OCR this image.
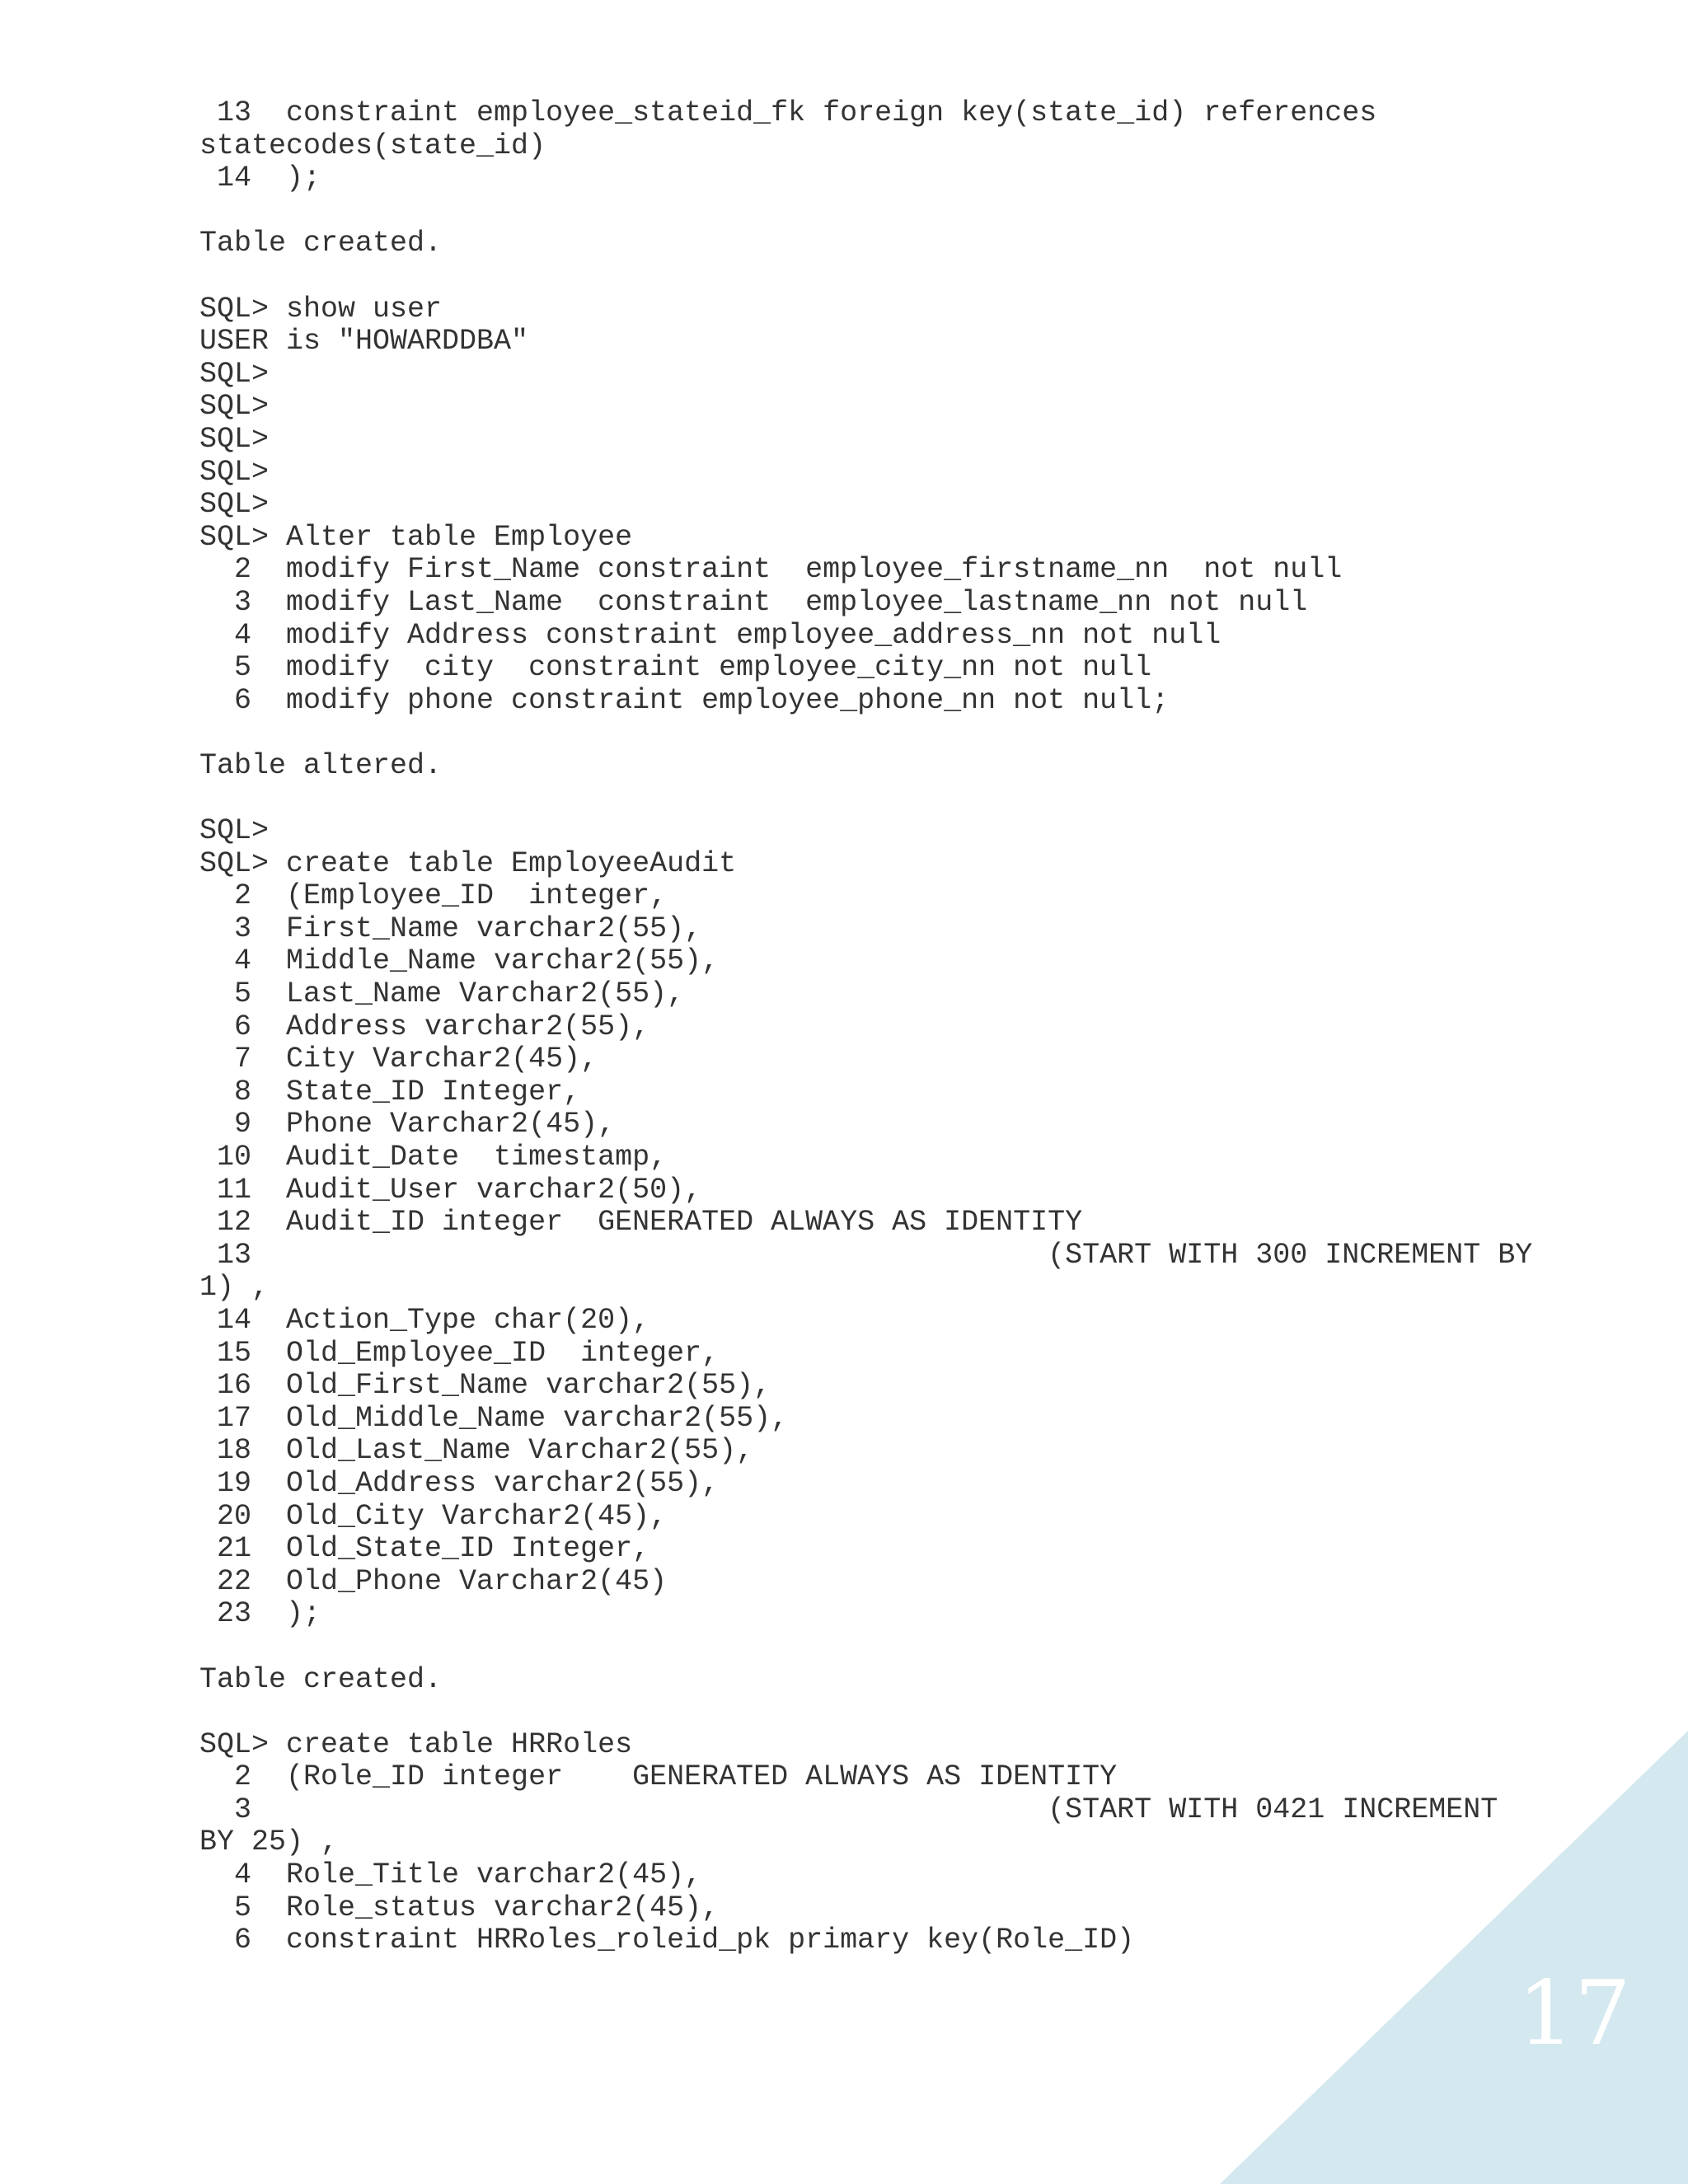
17
13  constraint employee_stateid_fk foreign key(state_id) references
statecodes(state_id)
14  );
Table created.
SQL> show user
USER is "HOWARDDBA"
SQL>
SQL>
SQL>
SQL>
SQL>
SQL> Alter table Employee
2  modify First_Name constraint  employee_firstname_nn  not null
3  modify Last_Name  constraint  employee_lastname_nn not null
4  modify Address constraint employee_address_nn not null
5  modify  city  constraint employee_city_nn not null
6  modify phone constraint employee_phone_nn not null;
Table altered.
SQL>
SQL> create table EmployeeAudit
2  (Employee_ID  integer,
3  First_Name varchar2(55),
4  Middle_Name varchar2(55),
5  Last_Name Varchar2(55),
6  Address varchar2(55),
7  City Varchar2(45),
8  State_ID Integer,
9  Phone Varchar2(45),
10  Audit_Date  timestamp,
11  Audit_User varchar2(50),
12  Audit_ID integer  GENERATED ALWAYS AS IDENTITY
13                                              (START WITH 300 INCREMENT BY
1) ,
14  Action_Type char(20),
15  Old_Employee_ID  integer,
16  Old_First_Name varchar2(55),
17  Old_Middle_Name varchar2(55),
18  Old_Last_Name Varchar2(55),
19  Old_Address varchar2(55),
20  Old_City Varchar2(45),
21  Old_State_ID Integer,
22  Old_Phone Varchar2(45)
23  );
Table created.
SQL> create table HRRoles
2  (Role_ID integer    GENERATED ALWAYS AS IDENTITY
3                                              (START WITH 0421 INCREMENT
BY 25) ,
4  Role_Title varchar2(45),
5  Role_status varchar2(45),
6  constraint HRRoles_roleid_pk primary key(Role_ID)
